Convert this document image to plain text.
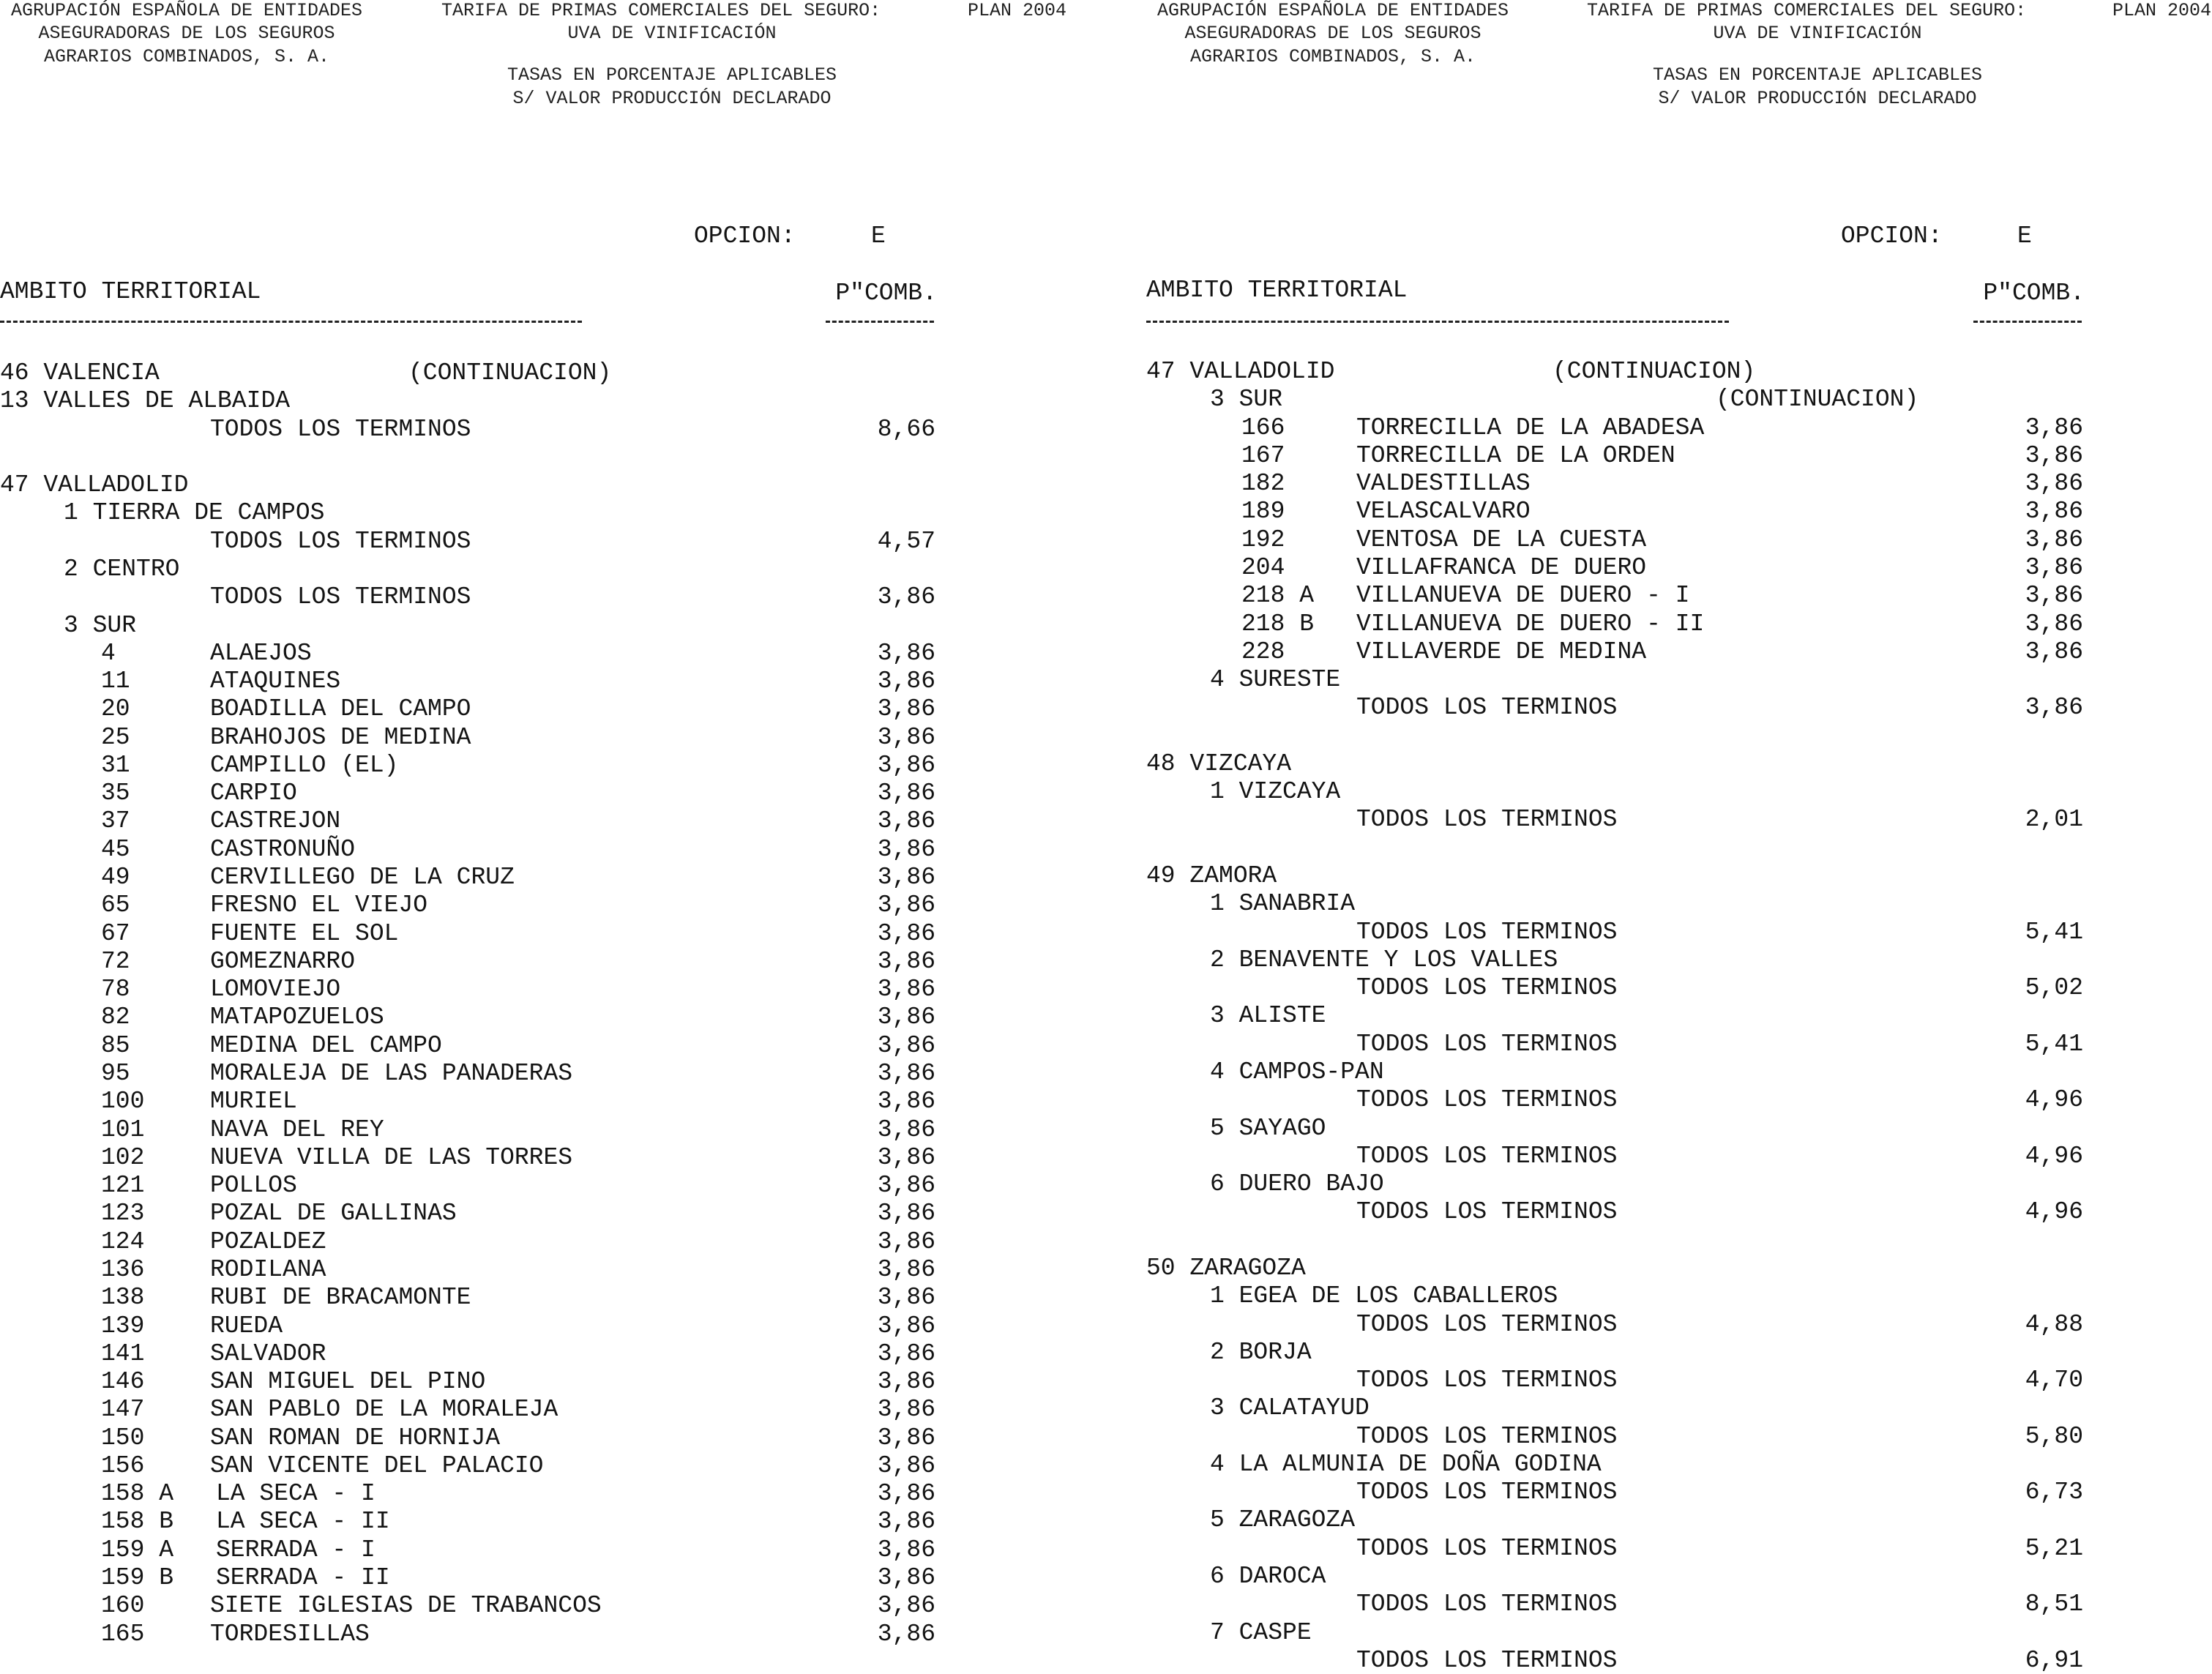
AGRUPACIÓN ESPAÑOLA DE ENTIDADES
ASEGURADORAS DE LOS SEGUROS
AGRARIOS COMBINADOS, S. A.
TARIFA DE PRIMAS COMERCIALES DEL SEGURO:	PLAN 2004
UVA DE VINIFICACIÓN
TASAS EN PORCENTAJE APLICABLES
S/ VALOR PRODUCCIÓN DECLARADO
OPCION:	E
AMBITO TERRITORIAL	P"COMB.
46 VALENCIA	(CONTINUACION)
13 VALLES DE ALBAIDA
TODOS LOS TERMINOS	8,66
47 VALLADOLID
1 TIERRA DE CAMPOS
TODOS LOS TERMINOS	4,57
2 CENTRO
TODOS LOS TERMINOS	3,86
3 SUR
4	ALAEJOS	3,86
11	ATAQUINES	3,86
20	BOADILLA DEL CAMPO	3,86
25	BRAHOJOS DE MEDINA	3,86
31	CAMPILLO (EL)	3,86
35	CARPIO	3,86
37	CASTREJON	3,86
45	CASTRONUÑO	3,86
49	CERVILLEGO DE LA CRUZ	3,86
65	FRESNO EL VIEJO	3,86
67	FUENTE EL SOL	3,86
72	GOMEZNARRO	3,86
78	LOMOVIEJO	3,86
82	MATAPOZUELOS	3,86
85	MEDINA DEL CAMPO	3,86
95	MORALEJA DE LAS PANADERAS	3,86
100	MURIEL	3,86
101	NAVA DEL REY	3,86
102	NUEVA VILLA DE LAS TORRES	3,86
121	POLLOS	3,86
123	POZAL DE GALLINAS	3,86
124	POZALDEZ	3,86
136	RODILANA	3,86
138	RUBI DE BRACAMONTE	3,86
139	RUEDA	3,86
141	SALVADOR	3,86
146	SAN MIGUEL DEL PINO	3,86
147	SAN PABLO DE LA MORALEJA	3,86
150	SAN ROMAN DE HORNIJA	3,86
156	SAN VICENTE DEL PALACIO	3,86
158 A LA SECA - I	3,86
158 B LA SECA - II	3,86
159 A SERRADA - I	3,86
159 B SERRADA - II	3,86
160	SIETE IGLESIAS DE TRABANCOS	3,86
165	TORDESILLAS	3,86
AGRUPACIÓN ESPAÑOLA DE ENTIDADES
ASEGURADORAS DE LOS SEGUROS
AGRARIOS COMBINADOS, S. A.
TARIFA DE PRIMAS COMERCIALES DEL SEGURO:	PLAN 2004
UVA DE VINIFICACIÓN
TASAS EN PORCENTAJE APLICABLES
S/ VALOR PRODUCCIÓN DECLARADO
OPCION:	E
AMBITO TERRITORIAL	P"COMB.
47 VALLADOLID	(CONTINUACION)
3 SUR	(CONTINUACION)
166	TORRECILLA DE LA ABADESA	3,86
167	TORRECILLA DE LA ORDEN	3,86
182	VALDESTILLAS	3,86
189	VELASCALVARO	3,86
192	VENTOSA DE LA CUESTA	3,86
204	VILLAFRANCA DE DUERO	3,86
218 A VILLANUEVA DE DUERO - I	3,86
218 B VILLANUEVA DE DUERO - II	3,86
228	VILLAVERDE DE MEDINA	3,86
4 SURESTE
TODOS LOS TERMINOS	3,86
48 VIZCAYA
1 VIZCAYA
TODOS LOS TERMINOS	2,01
49 ZAMORA
1 SANABRIA
TODOS LOS TERMINOS	5,41
2 BENAVENTE Y LOS VALLES
TODOS LOS TERMINOS	5,02
3 ALISTE
TODOS LOS TERMINOS	5,41
4 CAMPOS-PAN
TODOS LOS TERMINOS	4,96
5 SAYAGO
TODOS LOS TERMINOS	4,96
6 DUERO BAJO
TODOS LOS TERMINOS	4,96
50 ZARAGOZA
1 EGEA DE LOS CABALLEROS
TODOS LOS TERMINOS	4,88
2 BORJA
TODOS LOS TERMINOS	4,70
3 CALATAYUD
TODOS LOS TERMINOS	5,80
4 LA ALMUNIA DE DOÑA GODINA
TODOS LOS TERMINOS	6,73
5 ZARAGOZA
TODOS LOS TERMINOS	5,21
6 DAROCA
TODOS LOS TERMINOS	8,51
7 CASPE
TODOS LOS TERMINOS	6,91
